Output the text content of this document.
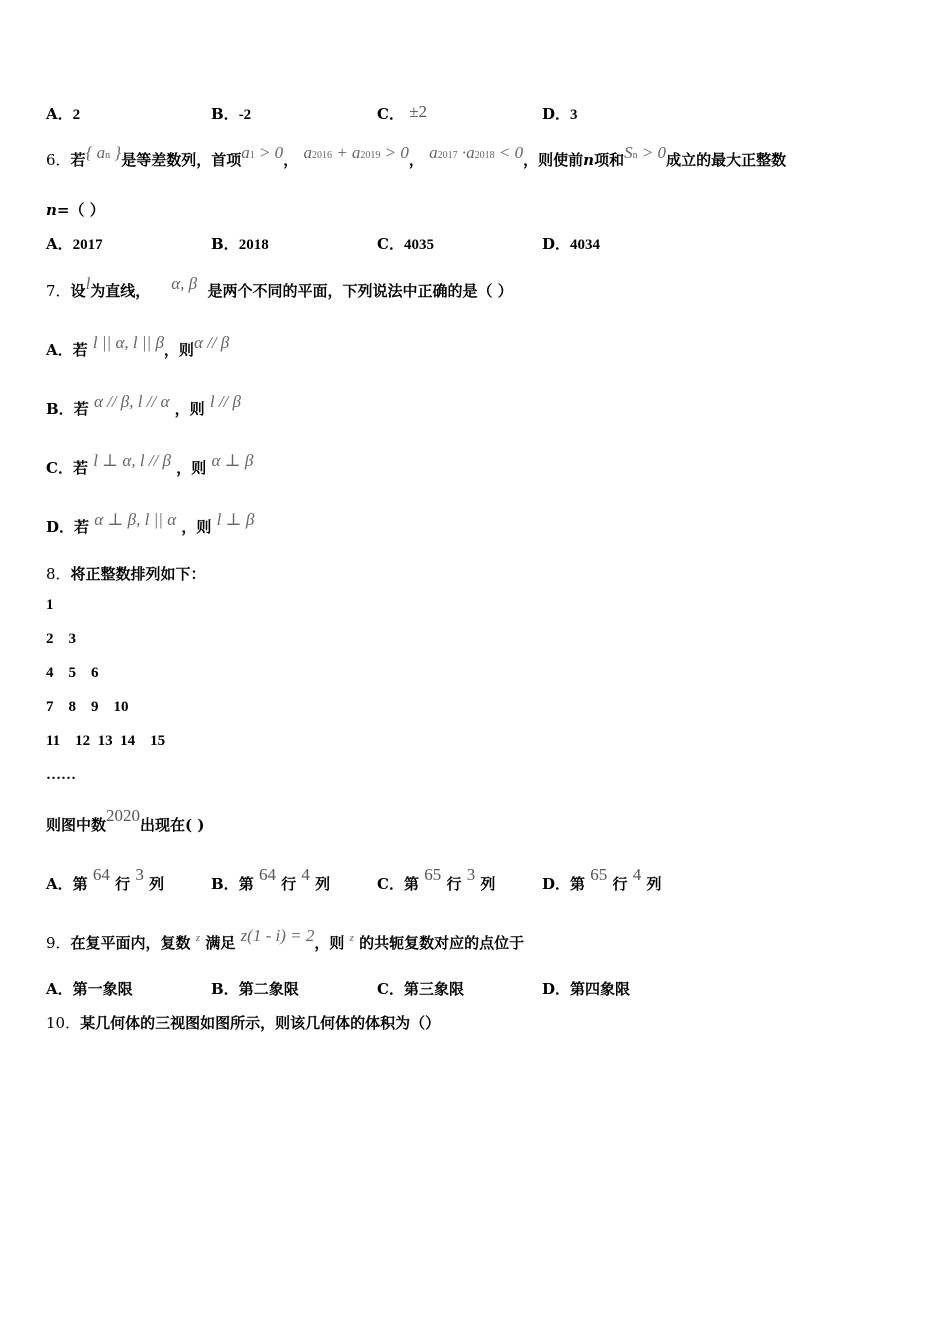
A．2	B．-2	C． ±2	D．3
6．若{ an }是等差数列，首项a1 > 0， a2016 + a2019 > 0， a2017 ·a2018 < 0，则使前n项和Sn > 0成立的最大正整数
n=（ ）
A．2017	B．2018	C．4035	D．4034
7．设l为直线， α, β 是两个不同的平面，下列说法中正确的是（ ）
A．若 l || α, l || β，则α // β
B．若 α // β, l // α ，则 l // β
C．若 l ⊥ α, l // β ，则 α ⊥ β
D．若 α ⊥ β, l || α ，则 l ⊥ β
8．将正整数排列如下：
1
2    3
4    5    6
7    8    9    10
11    12  13  14    15
……
则图中数2020出现在( )
A．第 64 行 3 列	B．第 64 行 4 列	C．第 65 行 3 列	D．第 65 行 4 列
9．在复平面内，复数 $^z$ 满足 z(1 - i) = 2，则 $^z$ 的共轭复数对应的点位于
A．第一象限	B．第二象限	C．第三象限	D．第四象限
10．某几何体的三视图如图所示，则该几何体的体积为（）
